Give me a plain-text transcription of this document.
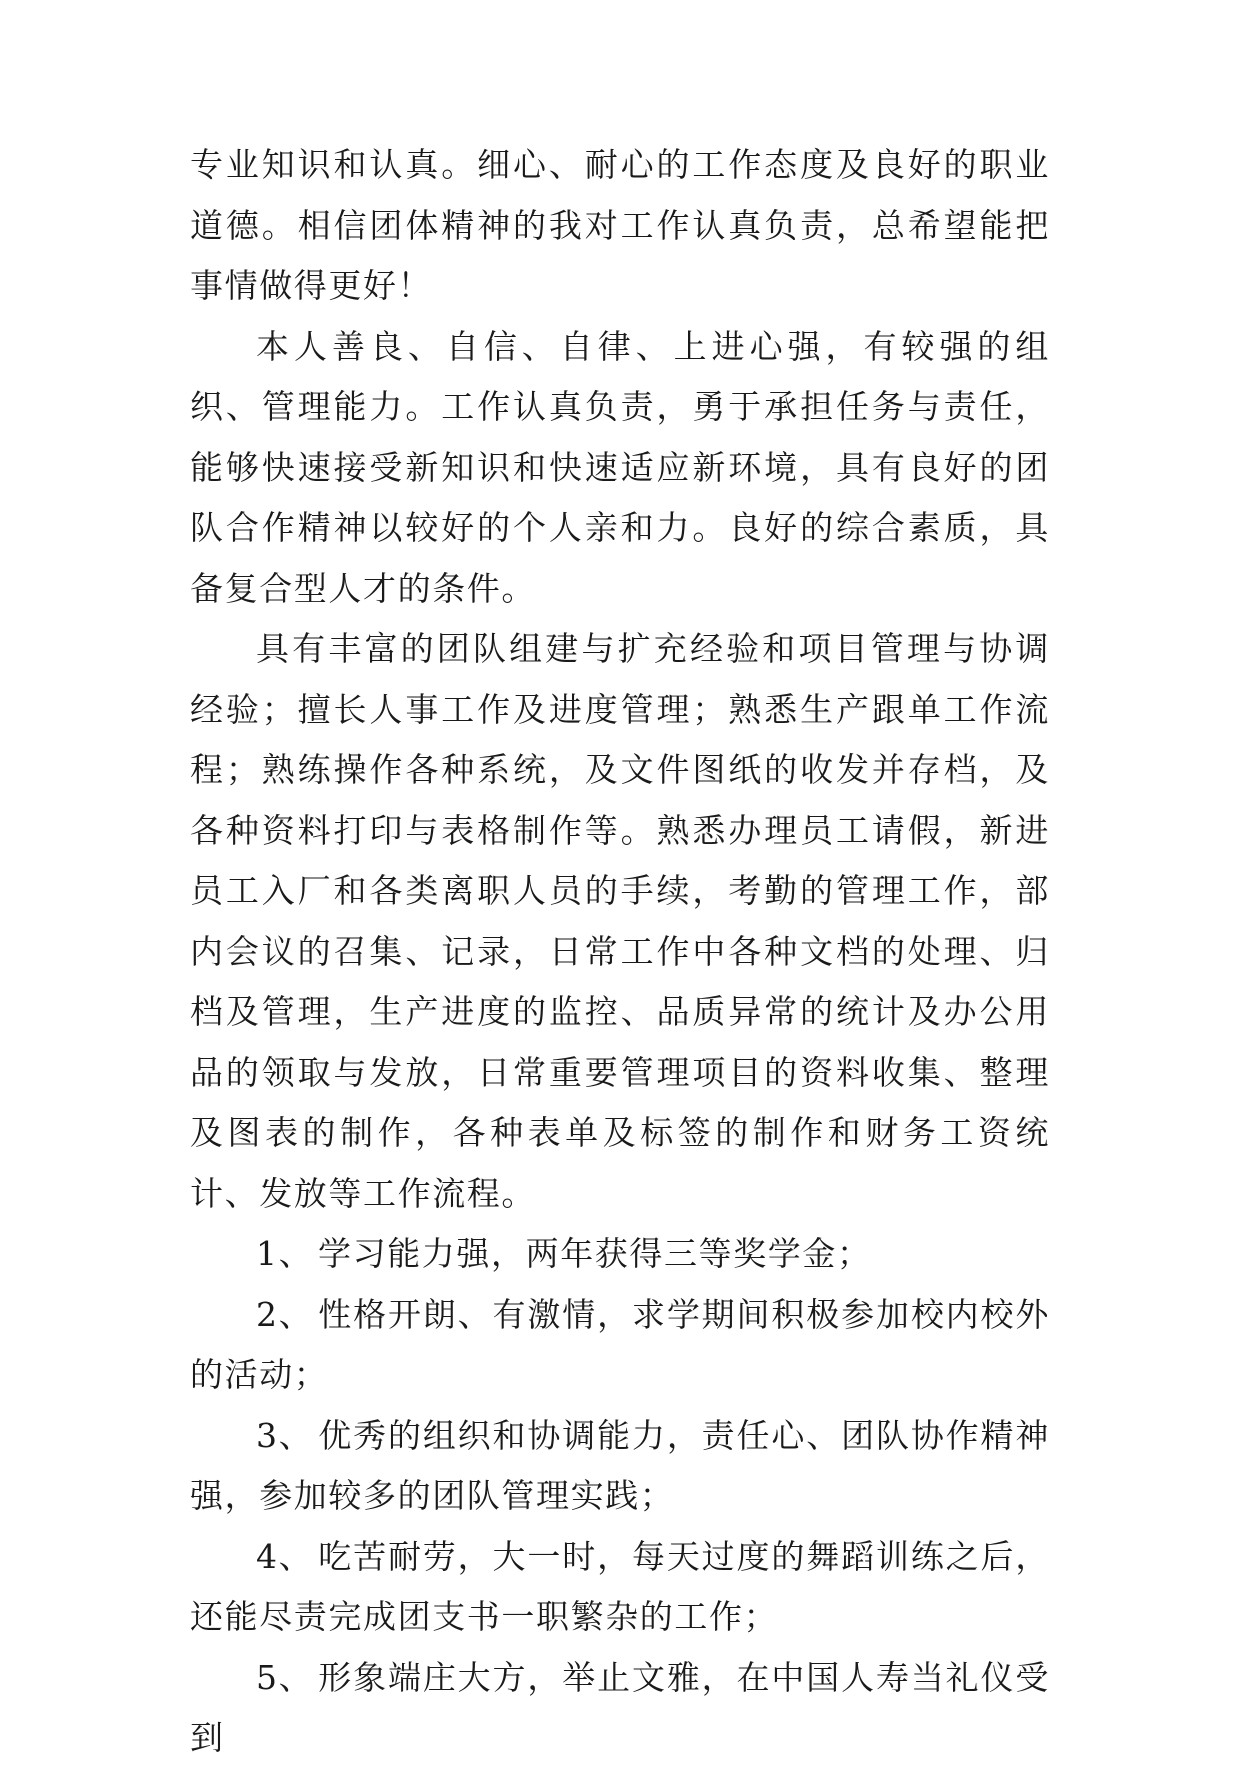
专业知识和认真。细心、耐心的工作态度及良好的职业道德。相信团体精神的我对工作认真负责，总希望能把事情做得更好！

本人善良、自信、自律、上进心强，有较强的组织、管理能力。工作认真负责，勇于承担任务与责任，能够快速接受新知识和快速适应新环境，具有良好的团队合作精神以较好的个人亲和力。良好的综合素质，具备复合型人才的条件。

具有丰富的团队组建与扩充经验和项目管理与协调经验；擅长人事工作及进度管理；熟悉生产跟单工作流程；熟练操作各种系统，及文件图纸的收发并存档，及各种资料打印与表格制作等。熟悉办理员工请假，新进员工入厂和各类离职人员的手续，考勤的管理工作，部内会议的召集、记录，日常工作中各种文档的处理、归档及管理，生产进度的监控、品质异常的统计及办公用品的领取与发放，日常重要管理项目的资料收集、整理及图表的制作，各种表单及标签的制作和财务工资统计、发放等工作流程。

1、 学习能力强，两年获得三等奖学金；

2、 性格开朗、有激情，求学期间积极参加校内校外的活动；

3、 优秀的组织和协调能力，责任心、团队协作精神强，参加较多的团队管理实践；

4、 吃苦耐劳，大一时，每天过度的舞蹈训练之后，还能尽责完成团支书一职繁杂的工作；

5、 形象端庄大方，举止文雅，在中国人寿当礼仪受到
